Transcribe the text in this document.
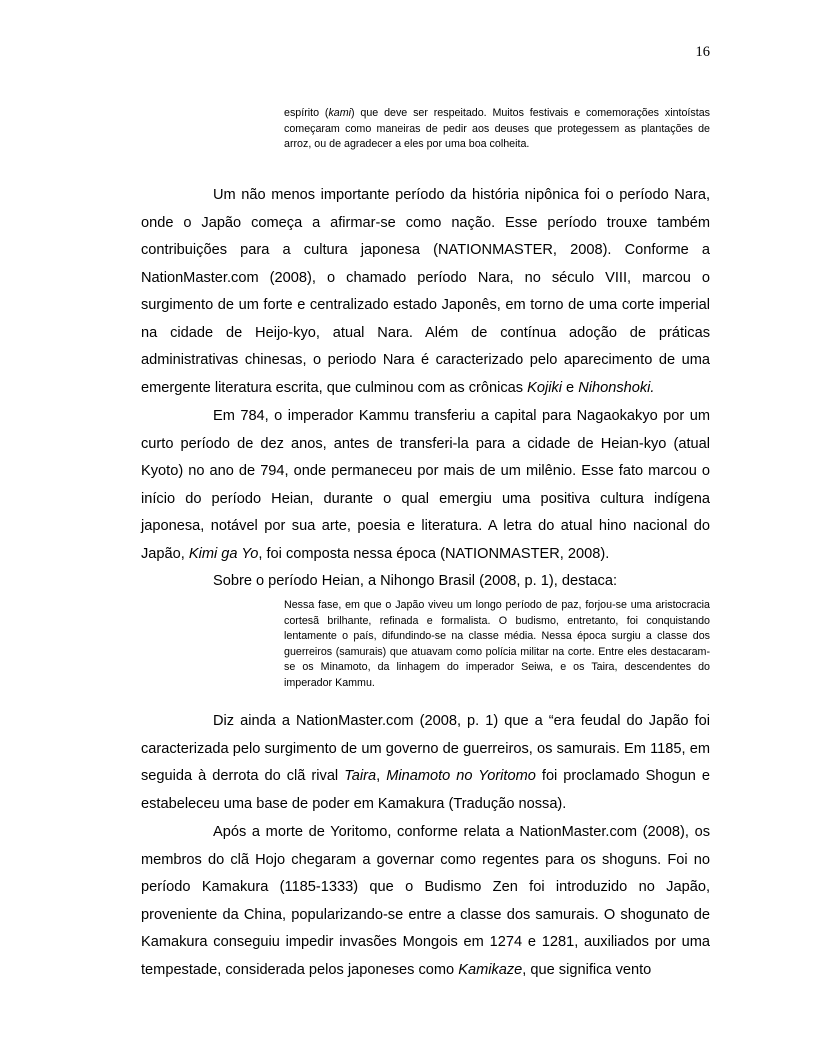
16

espírito (kami) que deve ser respeitado. Muitos festivais e comemorações xintoístas começaram como maneiras de pedir aos deuses que protegessem as plantações de arroz, ou de agradecer a eles por uma boa colheita.

Um não menos importante período da história nipônica foi o período Nara, onde o Japão começa a afirmar-se como nação. Esse período trouxe também contribuições para a cultura japonesa (NATIONMASTER, 2008). Conforme a NationMaster.com (2008), o chamado período Nara, no século VIII, marcou o surgimento de um forte e centralizado estado Japonês, em torno de uma corte imperial na cidade de Heijo-kyo, atual Nara. Além de contínua adoção de práticas administrativas chinesas, o periodo Nara é caracterizado pelo aparecimento de uma emergente literatura escrita, que culminou com as crônicas Kojiki e Nihonshoki.

Em 784, o imperador Kammu transferiu a capital para Nagaokakyo por um curto período de dez anos, antes de transferi-la para a cidade de Heian-kyo (atual Kyoto) no ano de 794, onde permaneceu por mais de um milênio. Esse fato marcou o início do período Heian, durante o qual emergiu uma positiva cultura indígena japonesa, notável por sua arte, poesia e literatura. A letra do atual hino nacional do Japão, Kimi ga Yo, foi composta nessa época (NATIONMASTER, 2008).

Sobre o período Heian, a Nihongo Brasil (2008, p. 1), destaca:

Nessa fase, em que o Japão viveu um longo período de paz, forjou-se uma aristocracia cortesã brilhante, refinada e formalista. O budismo, entretanto, foi conquistando lentamente o país, difundindo-se na classe média. Nessa época surgiu a classe dos guerreiros (samurais) que atuavam como polícia militar na corte. Entre eles destacaram-se os Minamoto, da linhagem do imperador Seiwa, e os Taira, descendentes do imperador Kammu.

Diz ainda a NationMaster.com (2008, p. 1) que a “era feudal do Japão foi caracterizada pelo surgimento de um governo de guerreiros, os samurais. Em 1185, em seguida à derrota do clã rival Taira, Minamoto no Yoritomo foi proclamado Shogun e estabeleceu uma base de poder em Kamakura (Tradução nossa).

Após a morte de Yoritomo, conforme relata a NationMaster.com (2008), os membros do clã Hojo chegaram a governar como regentes para os shoguns. Foi no período Kamakura (1185-1333) que o Budismo Zen foi introduzido no Japão, proveniente da China, popularizando-se entre a classe dos samurais. O shogunato de Kamakura conseguiu impedir invasões Mongois em 1274 e 1281, auxiliados por uma tempestade, considerada pelos japoneses como Kamikaze, que significa vento
